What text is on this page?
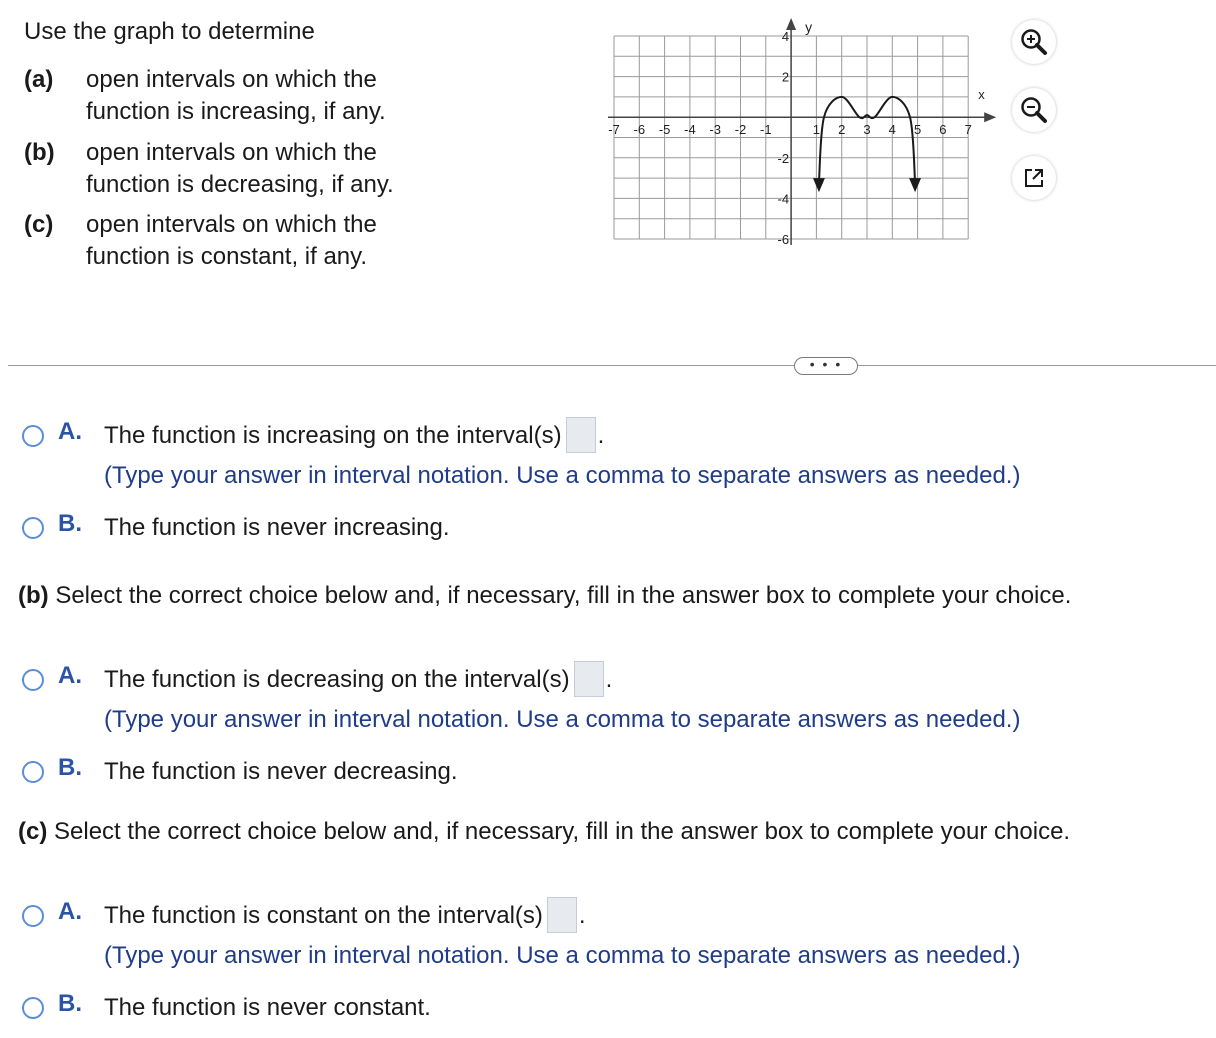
Use the graph to determine
(a)	open intervals on which the
function is increasing, if any.
(b)	open intervals on which the
function is decreasing, if any.
(c)	open intervals on which the
function is constant, if any.
x
y
-7 -6 -5 -4 -3 -2 -1	1 2 3 4 5 6 7
4
2
-2
-4
-6
• • •
A. The function is increasing on the interval(s) .
(Type your answer in interval notation. Use a comma to separate answers as needed.)
B. The function is never increasing.
(b) Select the correct choice below and, if necessary, fill in the answer box to complete your choice.
A. The function is decreasing on the interval(s) .
(Type your answer in interval notation. Use a comma to separate answers as needed.)
B. The function is never decreasing.
(c) Select the correct choice below and, if necessary, fill in the answer box to complete your choice.
A. The function is constant on the interval(s) .
(Type your answer in interval notation. Use a comma to separate answers as needed.)
B. The function is never constant.
